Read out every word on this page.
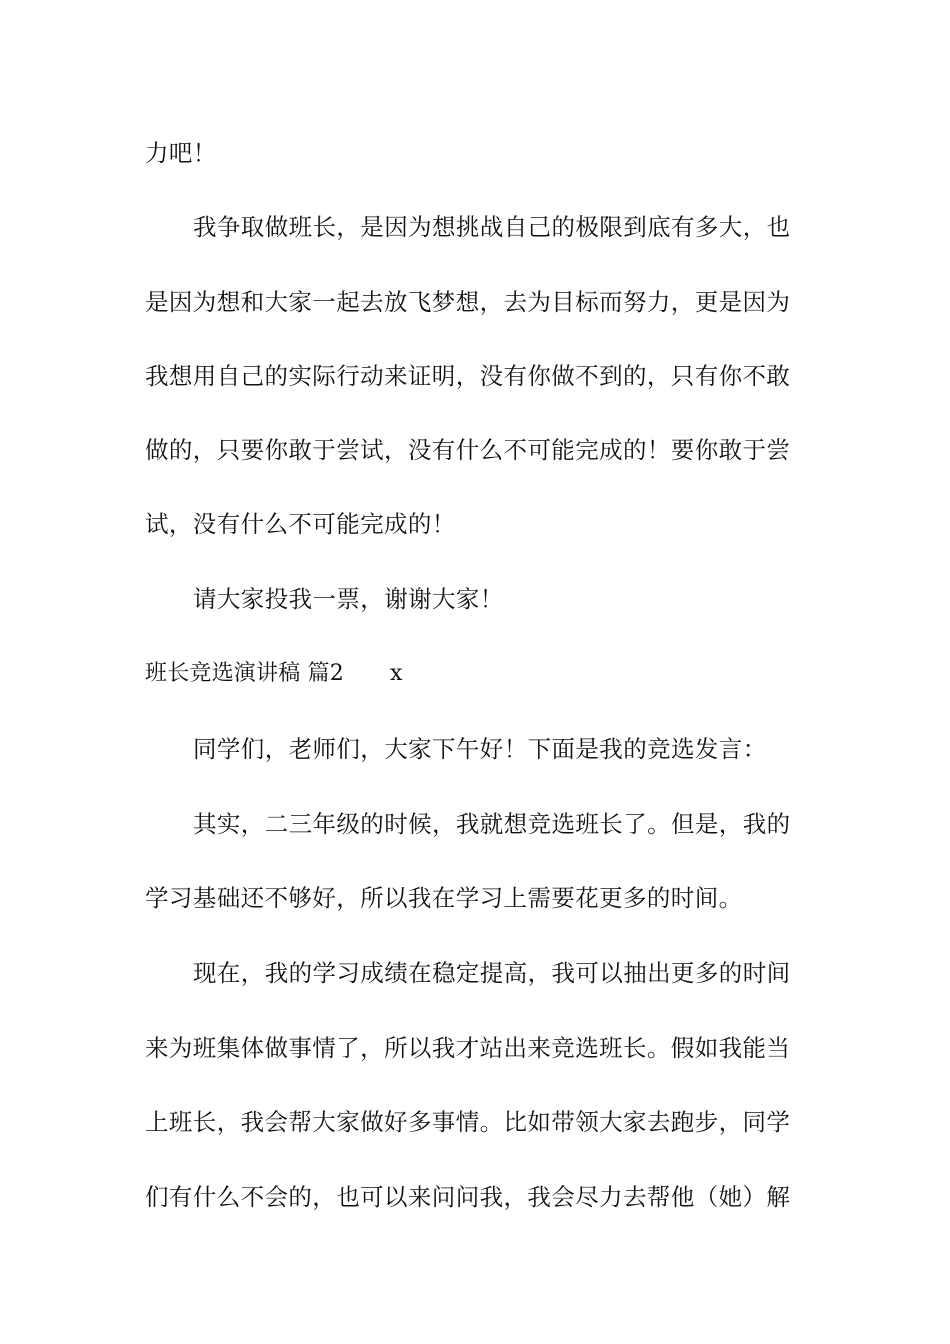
力吧！
我争取做班长，是因为想挑战自己的极限到底有多大，也
是因为想和大家一起去放飞梦想，去为目标而努力，更是因为
我想用自己的实际行动来证明，没有你做不到的，只有你不敢
做的，只要你敢于尝试，没有什么不可能完成的！要你敢于尝
试，没有什么不可能完成的！
请大家投我一票，谢谢大家！
班长竞选演讲稿 篇2 x
同学们，老师们，大家下午好！下面是我的竞选发言：
其实，二三年级的时候，我就想竞选班长了。但是，我的
学习基础还不够好，所以我在学习上需要花更多的时间。
现在，我的学习成绩在稳定提高，我可以抽出更多的时间
来为班集体做事情了，所以我才站出来竞选班长。假如我能当
上班长，我会帮大家做好多事情。比如带领大家去跑步，同学
们有什么不会的，也可以来问问我，我会尽力去帮他（她）解
